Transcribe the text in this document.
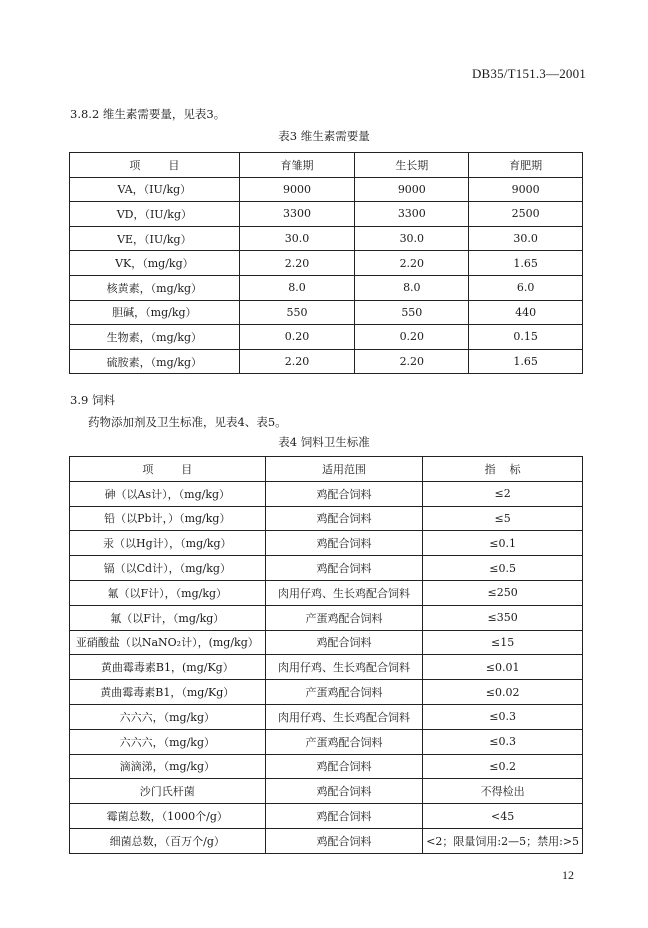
DB35/T151.3—2001
3.8.2 维生素需要量，见表3。
表3 维生素需要量
项        目	育雏期	生长期	育肥期
VA，（IU/kg）	9000	9000	9000
VD，（IU/kg）	3300	3300	2500
VE，（IU/kg）	30.0	30.0	30.0
VK，（mg/kg）	2.20	2.20	1.65
核黄素，（mg/kg）	8.0	8.0	6.0
胆碱，（mg/kg）	550	550	440
生物素，（mg/kg）	0.20	0.20	0.15
硫胺素，（mg/kg）	2.20	2.20	1.65
3.9 饲料
药物添加剂及卫生标准，见表4、表5。
表4 饲料卫生标准
项        目	适用范围	指    标
砷（以As计），（mg/kg）	鸡配合饲料	≤2
铅（以Pb计，）（mg/kg）	鸡配合饲料	≤5
汞（以Hg计），（mg/kg）	鸡配合饲料	≤0.1
镉（以Cd计），（mg/kg）	鸡配合饲料	≤0.5
氟（以F计），（mg/kg）	肉用仔鸡、生长鸡配合饲料	≤250
氟（以F计，（mg/kg）	产蛋鸡配合饲料	≤350
亚硝酸盐（以NaNO₂计），(mg/kg）	鸡配合饲料	≤15
黄曲霉毒素B1，(mg/Kg）	肉用仔鸡、生长鸡配合饲料	≤0.01
黄曲霉毒素B1，（mg/Kg）	产蛋鸡配合饲料	≤0.02
六六六，（mg/kg）	肉用仔鸡、生长鸡配合饲料	≤0.3
六六六，（mg/kg）	产蛋鸡配合饲料	≤0.3
滴滴涕，（mg/kg）	鸡配合饲料	≤0.2
沙门氏杆菌	鸡配合饲料	不得检出
霉菌总数，（1000个/g）	鸡配合饲料	<45
细菌总数，（百万个/g）	鸡配合饲料	<2；限量饲用:2—5；禁用:>5
12
